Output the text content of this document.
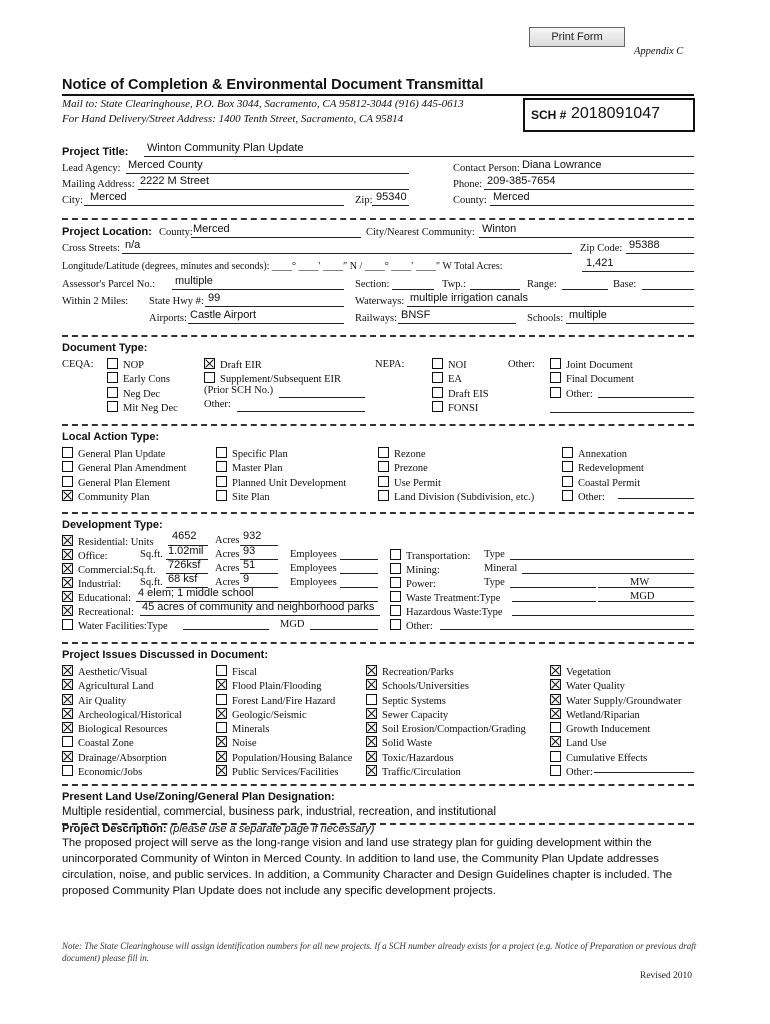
Print Form
Appendix C
Notice of Completion & Environmental Document Transmittal
Mail to: State Clearinghouse, P.O. Box 3044, Sacramento, CA 95812-3044 (916) 445-0613
For Hand Delivery/Street Address: 1400 Tenth Street, Sacramento, CA 95814	SCH # 2018091047
Project Title: Winton Community Plan Update
Lead Agency: Merced County
Mailing Address: 2222 M Street
City: Merced	Zip: 95340
Contact Person: Diana Lowrance
Phone: 209-385-7654
County: Merced
Project Location: County: Merced	City/Nearest Community: Winton
Cross Streets: n/a	Zip Code: 95388
Longitude/Latitude (degrees, minutes and seconds): ____° ____′ ____″ N / ____° ____′ ____″ W Total Acres:	1,421
Assessor's Parcel No.: multiple	Section:	Twp.:	Range:	Base:
Within 2 Miles: State Hwy #: 99	Waterways: multiple irrigation canals
Airports: Castle Airport	Railways: BNSF	Schools: multiple
Document Type:
CEQA:	NOP
Early Cons
Neg Dec
Mit Neg Dec
Draft EIR
Supplement/Subsequent EIR
(Prior SCH No.)
Other:
NEPA:	NOI
EA
Draft EIS
FONSI
Other:	Joint Document
Final Document
Other:
Local Action Type:
General Plan Update
General Plan Amendment
General Plan Element
Community Plan
Specific Plan
Master Plan
Planned Unit Development
Site Plan
Rezone
Prezone
Use Permit
Land Division (Subdivision, etc.)
Annexation
Redevelopment
Coastal Permit
Other:
Development Type:
Residential: Units
4652 Acres 932
Office:	Sq.ft. 1.02mil Acres 93	Employees
Commercial:Sq.ft. 726ksf Acres 51	Employees
Industrial: Sq.ft. 68 ksf Acres 9	Employees
Educational: 4 elem; 1 middle school
Recreational: 45 acres of community and neighborhood parks
Water Facilities:Type	MGD
Transportation: Type
Mining:	Mineral
Power:	Type	MW
Waste Treatment:Type	MGD
Hazardous Waste:Type
Other:
Project Issues Discussed in Document:
Aesthetic/Visual
Agricultural Land
Air Quality
Archeological/Historical
Biological Resources
Coastal Zone
Drainage/Absorption
Economic/Jobs
Fiscal
Flood Plain/Flooding
Forest Land/Fire Hazard
Geologic/Seismic
Minerals
Noise
Population/Housing Balance
Public Services/Facilities
Recreation/Parks
Schools/Universities
Septic Systems
Sewer Capacity
Soil Erosion/Compaction/Grading
Solid Waste
Toxic/Hazardous
Traffic/Circulation
Vegetation
Water Quality
Water Supply/Groundwater
Wetland/Riparian
Growth Inducement
Land Use
Cumulative Effects
Other:
Present Land Use/Zoning/General Plan Designation:
Multiple residential, commercial, business park, industrial, recreation, and institutional
Project Description: (please use a separate page if necessary)
The proposed project will serve as the long-range vision and land use strategy plan for guiding development within the unincorporated Community of Winton in Merced County. In addition to land use, the Community Plan Update addresses circulation, noise, and public services. In addition, a Community Character and Design Guidelines chapter is included. The proposed Community Plan Update does not include any specific development projects.
Note: The State Clearinghouse will assign identification numbers for all new projects. If a SCH number already exists for a project (e.g. Notice of Preparation or previous draft document) please fill in.
Revised 2010
